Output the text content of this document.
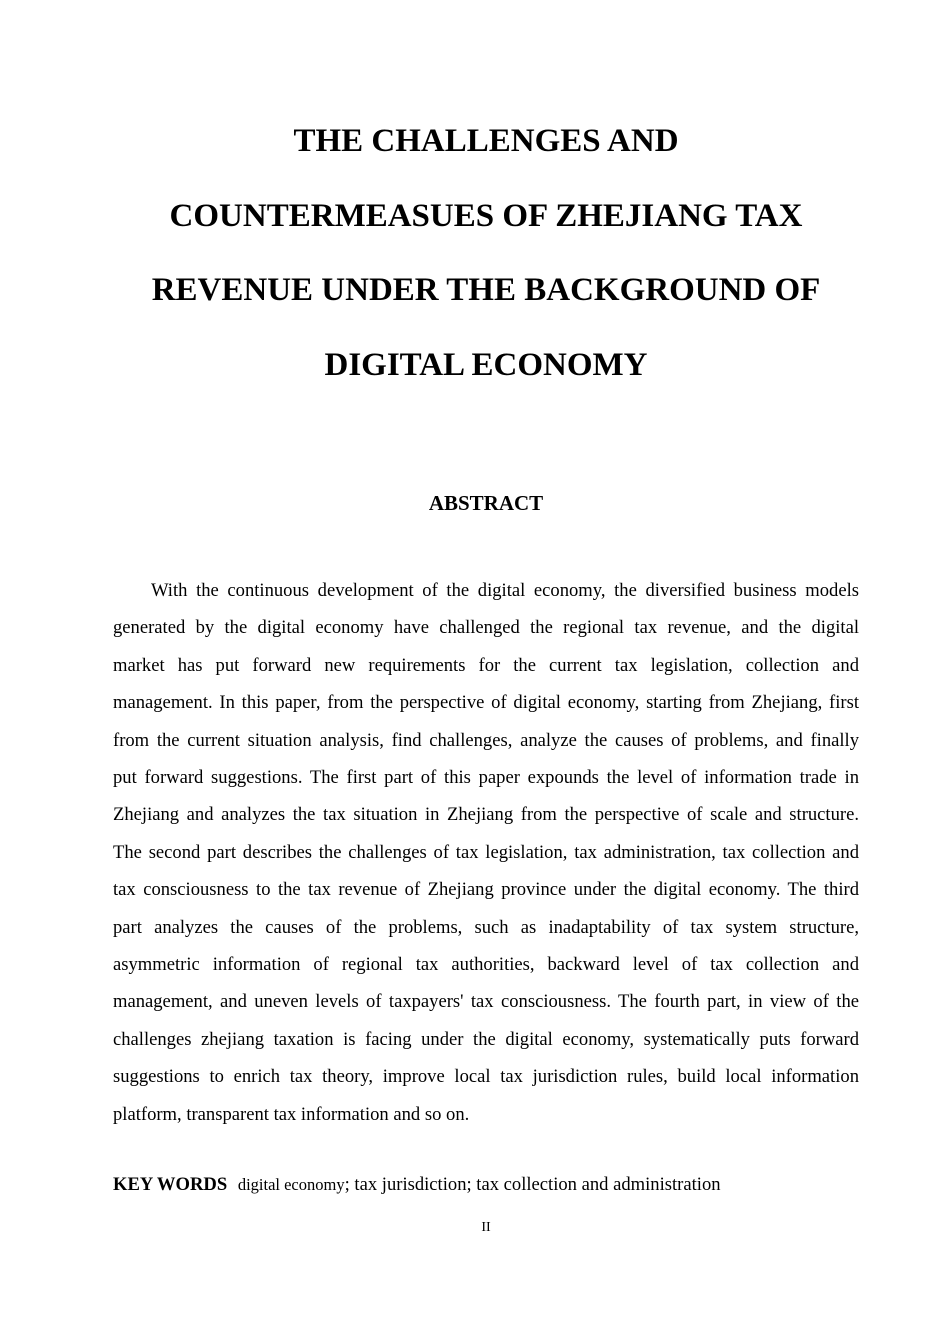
THE CHALLENGES AND
COUNTERMEASUES OF ZHEJIANG TAX
REVENUE UNDER THE BACKGROUND OF
DIGITAL ECONOMY
ABSTRACT
With the continuous development of the digital economy, the diversified business models
generated by the digital economy have challenged the regional tax revenue, and the digital
market has put forward new requirements for the current tax legislation, collection and
management. In this paper, from the perspective of digital economy, starting from Zhejiang, first
from the current situation analysis, find challenges, analyze the causes of problems, and finally
put forward suggestions. The first part of this paper expounds the level of information trade in
Zhejiang and analyzes the tax situation in Zhejiang from the perspective of scale and structure.
The second part describes the challenges of tax legislation, tax administration, tax collection and
tax consciousness to the tax revenue of Zhejiang province under the digital economy. The third
part analyzes the causes of the problems, such as inadaptability of tax system structure,
asymmetric information of regional tax authorities, backward level of tax collection and
management, and uneven levels of taxpayers' tax consciousness. The fourth part, in view of the
challenges zhejiang taxation is facing under the digital economy, systematically puts forward
suggestions to enrich tax theory, improve local tax jurisdiction rules, build local information
platform, transparent tax information and so on.

KEY WORDS digital economy; tax jurisdiction; tax collection and administration

II
